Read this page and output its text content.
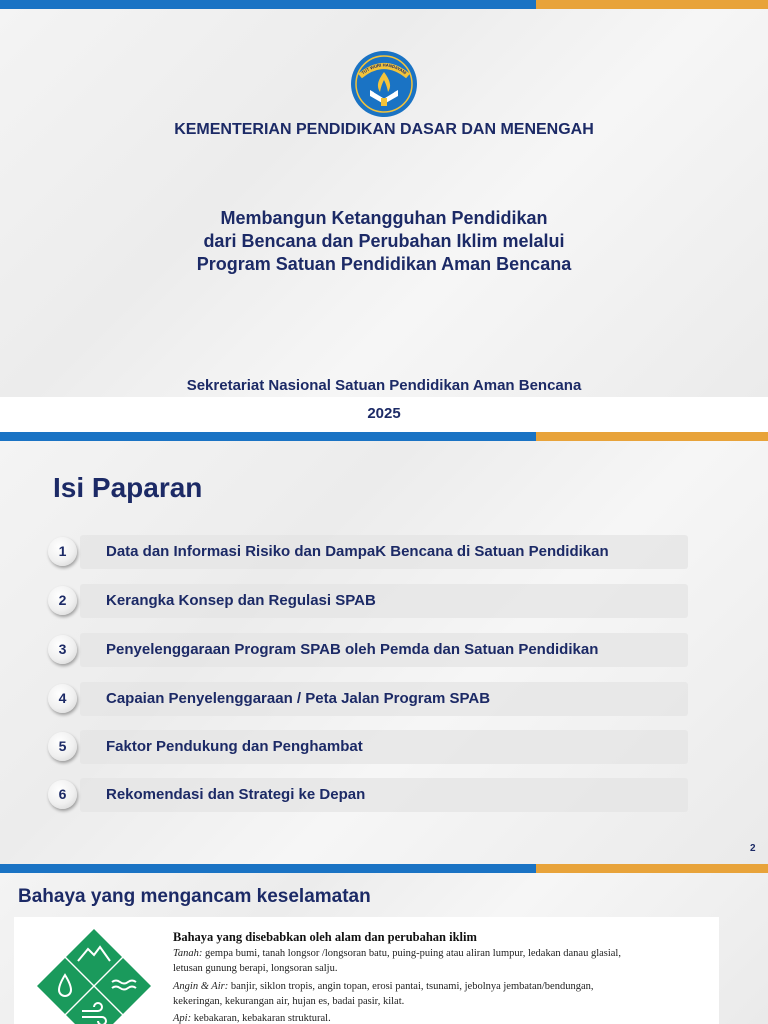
TUT WURI HANDAYANI
KEMENTERIAN PENDIDIKAN DASAR DAN MENENGAH
Membangun Ketangguhan Pendidikan
dari Bencana dan Perubahan Iklim melalui
Program Satuan Pendidikan Aman Bencana
Sekretariat Nasional Satuan Pendidikan Aman Bencana
2025
Isi Paparan
1	Data dan Informasi Risiko dan DampaK Bencana di Satuan Pendidikan
2	Kerangka Konsep dan Regulasi SPAB
3	Penyelenggaraan Program SPAB oleh Pemda dan Satuan Pendidikan
4	Capaian Penyelenggaraan / Peta Jalan Program SPAB
5	Faktor Pendukung dan Penghambat
6	Rekomendasi dan Strategi ke Depan
2
Bahaya yang mengancam keselamatan
Bahaya yang disebabkan oleh alam dan perubahan iklim
Tanah: gempa bumi, tanah longsor /longsoran batu, puing-puing atau aliran lumpur, ledakan danau glasial,
letusan gunung berapi, longsoran salju.
Angin & Air: banjir, siklon tropis, angin topan, erosi pantai, tsunami, jebolnya jembatan/bendungan,
kekeringan, kekurangan air, hujan es, badai pasir, kilat.
Api: kebakaran, kebakaran struktural.
